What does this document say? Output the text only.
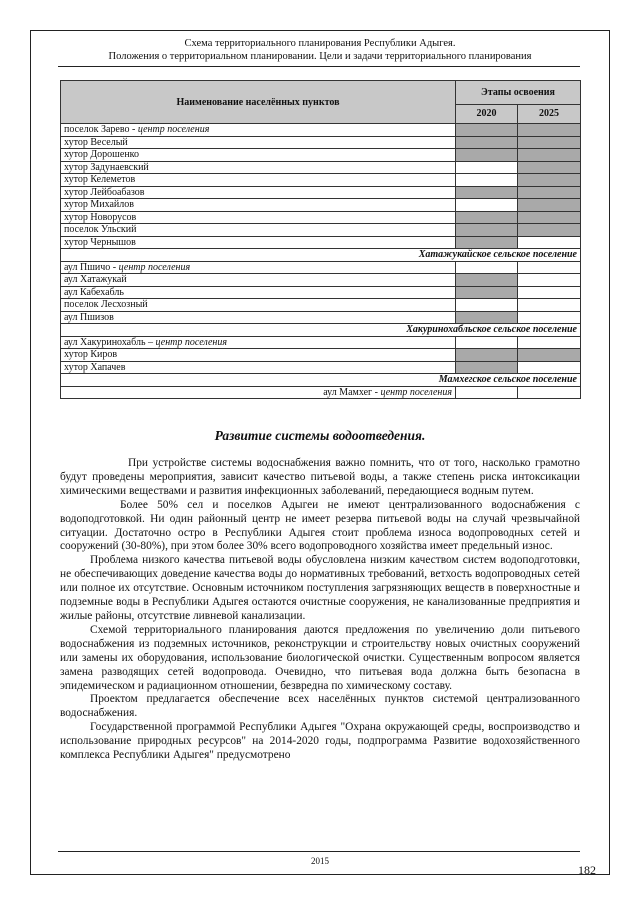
Схема территориального планирования Республики Адыгея.
Положения о территориальном планировании. Цели и задачи территориального планирования
Наименование населённых пунктов	Этапы освоения	
	2020	2025
поселок Зарево - центр поселения		
хутор Веселый		
хутор Дорошенко		
хутор Задунаевский		
хутор Келеметов		
хутор Лейбоабазов		
хутор Михайлов		
хутор Новорусов		
поселок Ульский		
хутор Чернышов		
Хатажукайское сельское поселение		
аул Пшичо - центр поселения		
аул Хатажукай		
аул Кабехабль		
поселок Лесхозный		
аул Пшизов		
Хакуринохабльское сельское поселение		
аул Хакуринохабль – центр поселения		
хутор Киров		
хутор Хапачев		
Мамхегское сельское поселение		
аул Мамхег - центр поселения		
Развитие системы водоотведения.

При устройстве системы водоснабжения важно помнить, что от того, насколько грамотно будут проведены мероприятия, зависит качество питьевой воды, а также степень риска интоксикации химическими веществами и развития инфекционных заболеваний, передающиеся водным путем.

Более 50% сел и поселков Адыгеи не имеют централизованного водоснабжения с водоподготовкой. Ни один районный центр не имеет резерва питьевой воды на случай чрезвычайной ситуации. Достаточно остро в Республики Адыгея стоит проблема износа водопроводных сетей и сооружений (30-80%), при этом более 30% всего водопроводного хозяйства имеет предельный износ.

Проблема низкого качества питьевой воды обусловлена низким качеством систем водоподготовки, не обеспечивающих доведение качества воды до нормативных требований, ветхость водопроводных сетей или полное их отсутствие. Основным источником поступления загрязняющих веществ в поверхностные и подземные воды в Республики Адыгея остаются очистные сооружения, не канализованные предприятия и жилые районы, отсутствие ливневой канализации.

Схемой территориального планирования даются предложения по увеличению доли питьевого водоснабжения из подземных источников, реконструкции и строительству новых очистных сооружений или замены их оборудования, использование биологической очистки. Существенным вопросом является замена разводящих сетей водопровода. Очевидно, что питьевая вода должна быть безопасна в эпидемическом и радиационном отношении, безвредна по химическому составу.

Проектом предлагается обеспечение всех населённых пунктов системой централизованного водоснабжения.

Государственной программой Республики Адыгея "Охрана окружающей среды, воспроизводство и использование природных ресурсов" на 2014-2020 годы, подпрограмма Развитие водохозяйственного комплекса Республики Адыгея" предусмотрено

2015
182
